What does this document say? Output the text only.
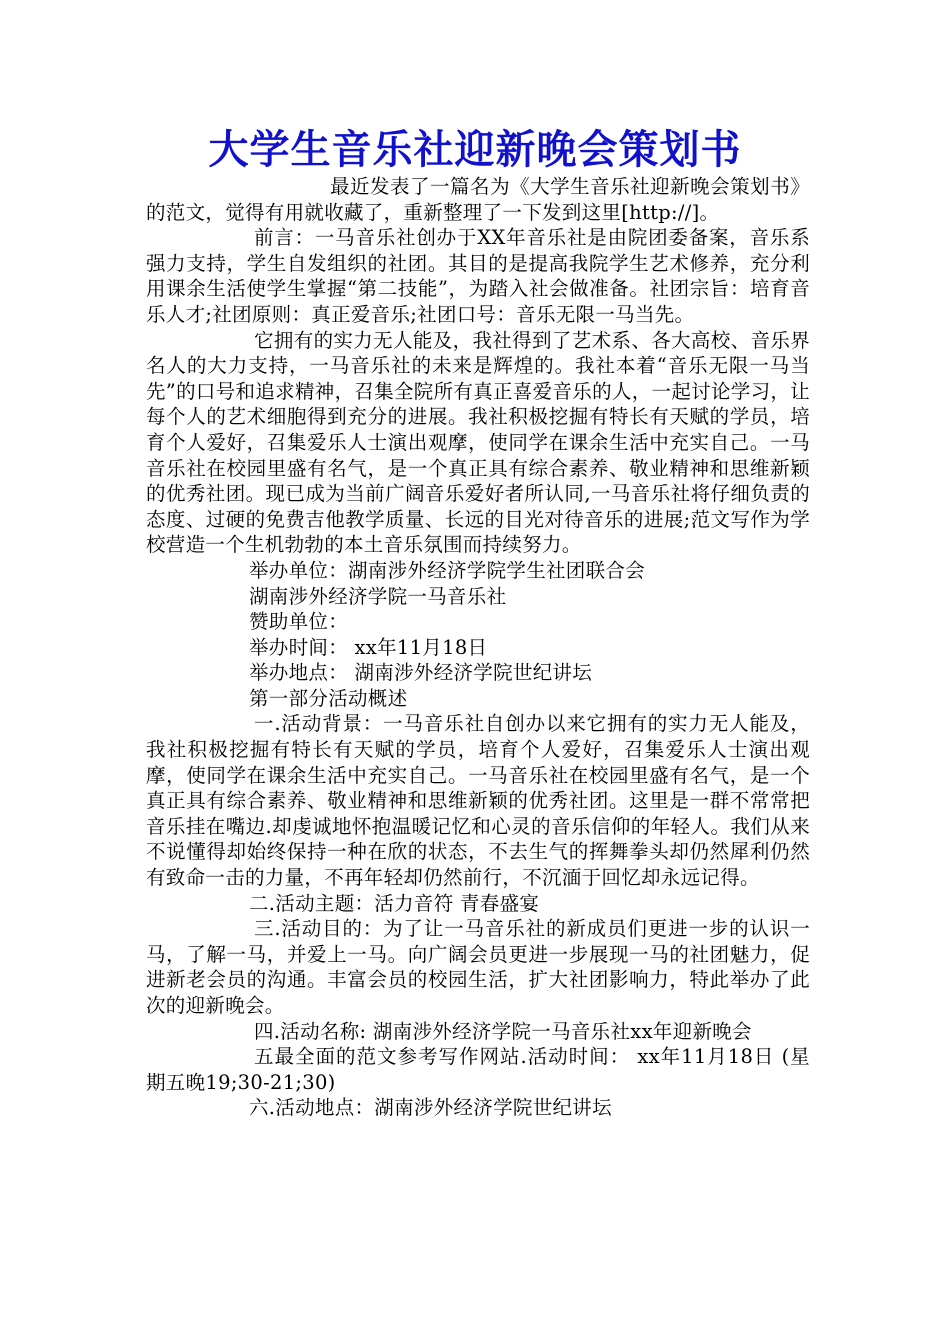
大学生音乐社迎新晚会策划书

最近发表了一篇名为《大学生音乐社迎新晚会策划书》的范文，觉得有用就收藏了，重新整理了一下发到这里[http://]。

前言：一马音乐社创办于XX年音乐社是由院团委备案，音乐系强力支持，学生自发组织的社团。其目的是提高我院学生艺术修养，充分利用课余生活使学生掌握“第二技能”，为踏入社会做准备。社团宗旨：培育音乐人才;社团原则：真正爱音乐;社团口号：音乐无限一马当先。

它拥有的实力无人能及，我社得到了艺术系、各大高校、音乐界名人的大力支持，一马音乐社的未来是辉煌的。我社本着“音乐无限一马当先”的口号和追求精神，召集全院所有真正喜爱音乐的人，一起讨论学习，让每个人的艺术细胞得到充分的进展。我社积极挖掘有特长有天赋的学员，培育个人爱好，召集爱乐人士演出观摩，使同学在课余生活中充实自己。一马音乐社在校园里盛有名气，是一个真正具有综合素养、敬业精神和思维新颖的优秀社团。现已成为当前广阔音乐爱好者所认同,一马音乐社将仔细负责的态度、过硬的免费吉他教学质量、长远的目光对待音乐的进展;范文写作为学校营造一个生机勃勃的本土音乐氛围而持续努力。

举办单位：湖南涉外经济学院学生社团联合会

湖南涉外经济学院一马音乐社

赞助单位：

举办时间： xx年11月18日

举办地点： 湖南涉外经济学院世纪讲坛

第一部分活动概述

一.活动背景：一马音乐社自创办以来它拥有的实力无人能及，我社积极挖掘有特长有天赋的学员，培育个人爱好，召集爱乐人士演出观摩，使同学在课余生活中充实自己。一马音乐社在校园里盛有名气，是一个真正具有综合素养、敬业精神和思维新颖的优秀社团。这里是一群不常常把音乐挂在嘴边.却虔诚地怀抱温暖记忆和心灵的音乐信仰的年轻人。我们从来不说懂得却始终保持一种在欣的状态，不去生气的挥舞拳头却仍然犀利仍然有致命一击的力量，不再年轻却仍然前行，不沉湎于回忆却永远记得。

二.活动主题：活力音符 青春盛宴

三.活动目的：为了让一马音乐社的新成员们更进一步的认识一马，了解一马，并爱上一马。向广阔会员更进一步展现一马的社团魅力，促进新老会员的沟通。丰富会员的校园生活，扩大社团影响力，特此举办了此次的迎新晚会。

四.活动名称: 湖南涉外经济学院一马音乐社xx年迎新晚会

五最全面的范文参考写作网站.活动时间： xx年11月18日 (星期五晚19;30-21;30)

六.活动地点：湖南涉外经济学院世纪讲坛
